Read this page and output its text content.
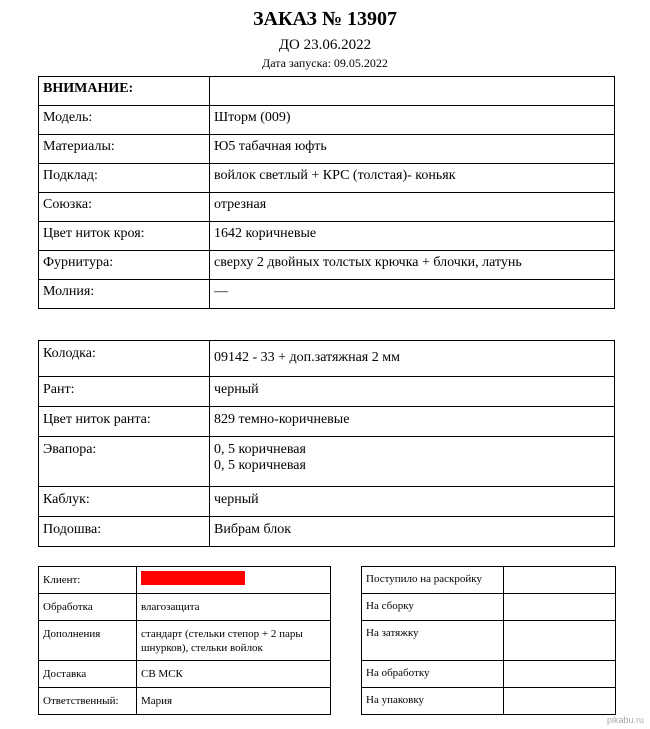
ЗАКАЗ № 13907
ДО 23.06.2022
Дата запуска: 09.05.2022
ВНИМАНИЕ:	
Модель:	Шторм (009)
Материалы:	Ю5 табачная юфть
Подклад:	войлок светлый + КРС (толстая)- коньяк
Союзка:	отрезная
Цвет ниток кроя:	1642 коричневые
Фурнитура:	сверху 2 двойных толстых крючка + блочки, латунь
Молния:	—
Колодка:	09142 - 33 + доп.затяжная 2 мм
Рант:	черный
Цвет ниток ранта:	829 темно-коричневые
Эвапора:	0, 5 коричневая
0, 5 коричневая

Каблук:	черный
Подошва:	Вибрам блок
Клиент:	
Обработка	влагозащита
Дополнения	стандарт (стельки степор + 2 пары шнурков), стельки войлок
Доставка	СВ МСК
Ответственный:	Мария
Поступило на раскройку	
На сборку	
На затяжку	
На обработку	
На упаковку	
pikabu.ru
